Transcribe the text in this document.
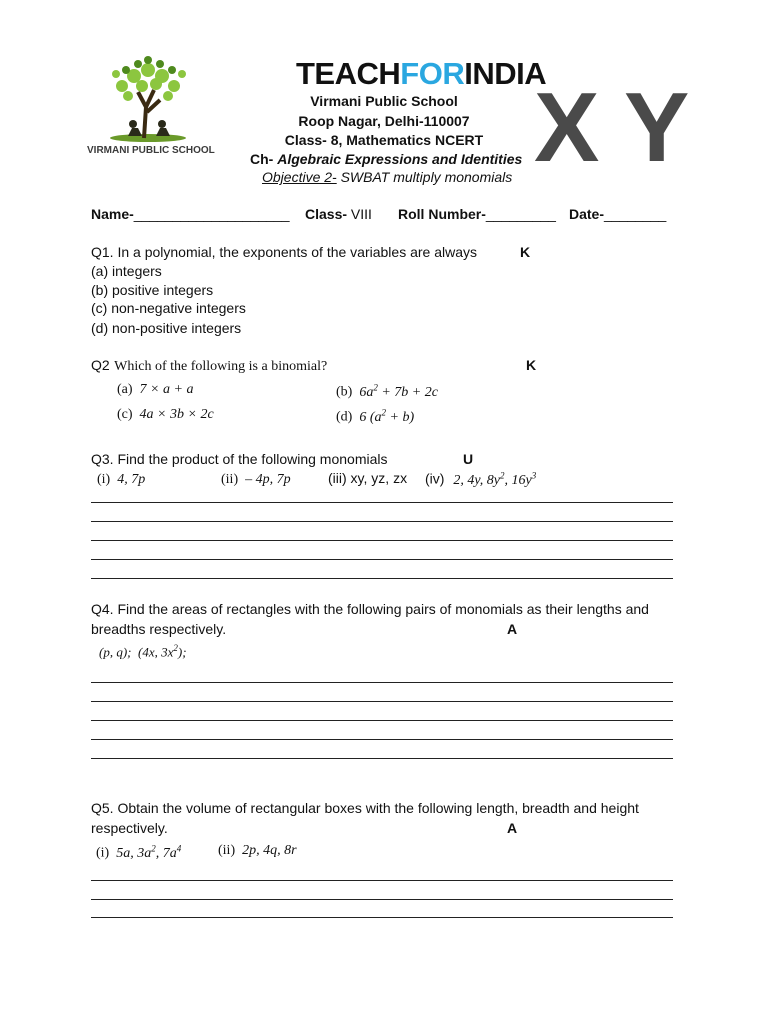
VIRMANI PUBLIC SCHOOL
TEACHFORINDIA
Virmani Public School
Roop Nagar, Delhi-110007
Class- 8, Mathematics NCERT
Ch- Algebraic Expressions and Identities
Objective 2- SWBAT multiply monomials X Y
Name-____________________ Class- VIII Roll Number-_________ Date-________
Q1. In a polynomial, the exponents of the variables are always	K
(a) integers
(b) positive integers
(c) non-negative integers
(d) non-positive integers
Q2 Which of the following is a binomial?	K
(a) 7 × a + a	(b) $6a^2 + 7b + 2c$
(c) 4a × 3b × 2c	(d) 6 $(a^2 + b)$
Q3. Find the product of the following monomials	U
(i) 4, 7p	(ii) – 4p, 7p	(iii) xy, yz, zx (iv) 2, 4y, $8y^2$, $16y^3$
Q4. Find the areas of rectangles with the following pairs of monomials as their lengths and
breadths respectively.	A
(p, q);  (4x, $3x^2$);
Q5. Obtain the volume of rectangular boxes with the following length, breadth and height
respectively.	A
(i) 5a, $3a^2$, $7a^4$	(ii) 2p, 4q, 8r
